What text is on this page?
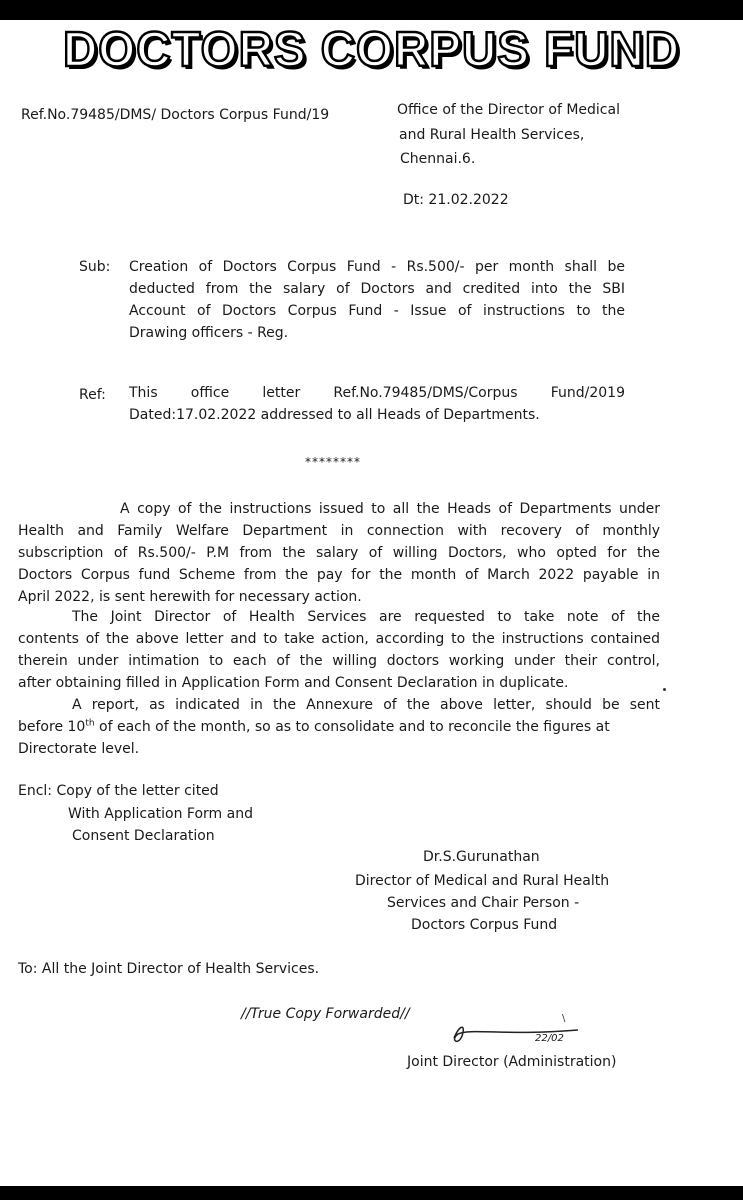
DOCTORS CORPUS FUND
Ref.No.79485/DMS/ Doctors Corpus Fund/19	Office of the Director of Medical
and Rural Health Services,
Chennai.6.
Dt: 21.02.2022
Sub: Creation of Doctors Corpus Fund - Rs.500/- per month shall be
deducted from the salary of Doctors and credited into the SBI
Account of Doctors Corpus Fund - Issue of instructions to the
Drawing officers - Reg.
Ref: This office letter Ref.No.79485/DMS/Corpus Fund/2019
Dated:17.02.2022 addressed to all Heads of Departments.
********
A copy of the instructions issued to all the Heads of Departments under
Health and Family Welfare Department in connection with recovery of monthly
subscription of Rs.500/- P.M from the salary of willing Doctors, who opted for the
Doctors Corpus fund Scheme from the pay for the month of March 2022 payable in
April 2022, is sent herewith for necessary action.
The Joint Director of Health Services are requested to take note of the
contents of the above letter and to take action, according to the instructions contained
therein under intimation to each of the willing doctors working under their control,
after obtaining filled in Application Form and Consent Declaration in duplicate.
A report, as indicated in the Annexure of the above letter, should be sent
before 10th of each of the month, so as to consolidate and to reconcile the figures at
Directorate level.
Encl: Copy of the letter cited
With Application Form and
Consent Declaration
Dr.S.Gurunathan
Director of Medical and Rural Health
Services and Chair Person -
Doctors Corpus Fund
To: All the Joint Director of Health Services.
//True Copy Forwarded//	\
22/02
Joint Director (Administration)
